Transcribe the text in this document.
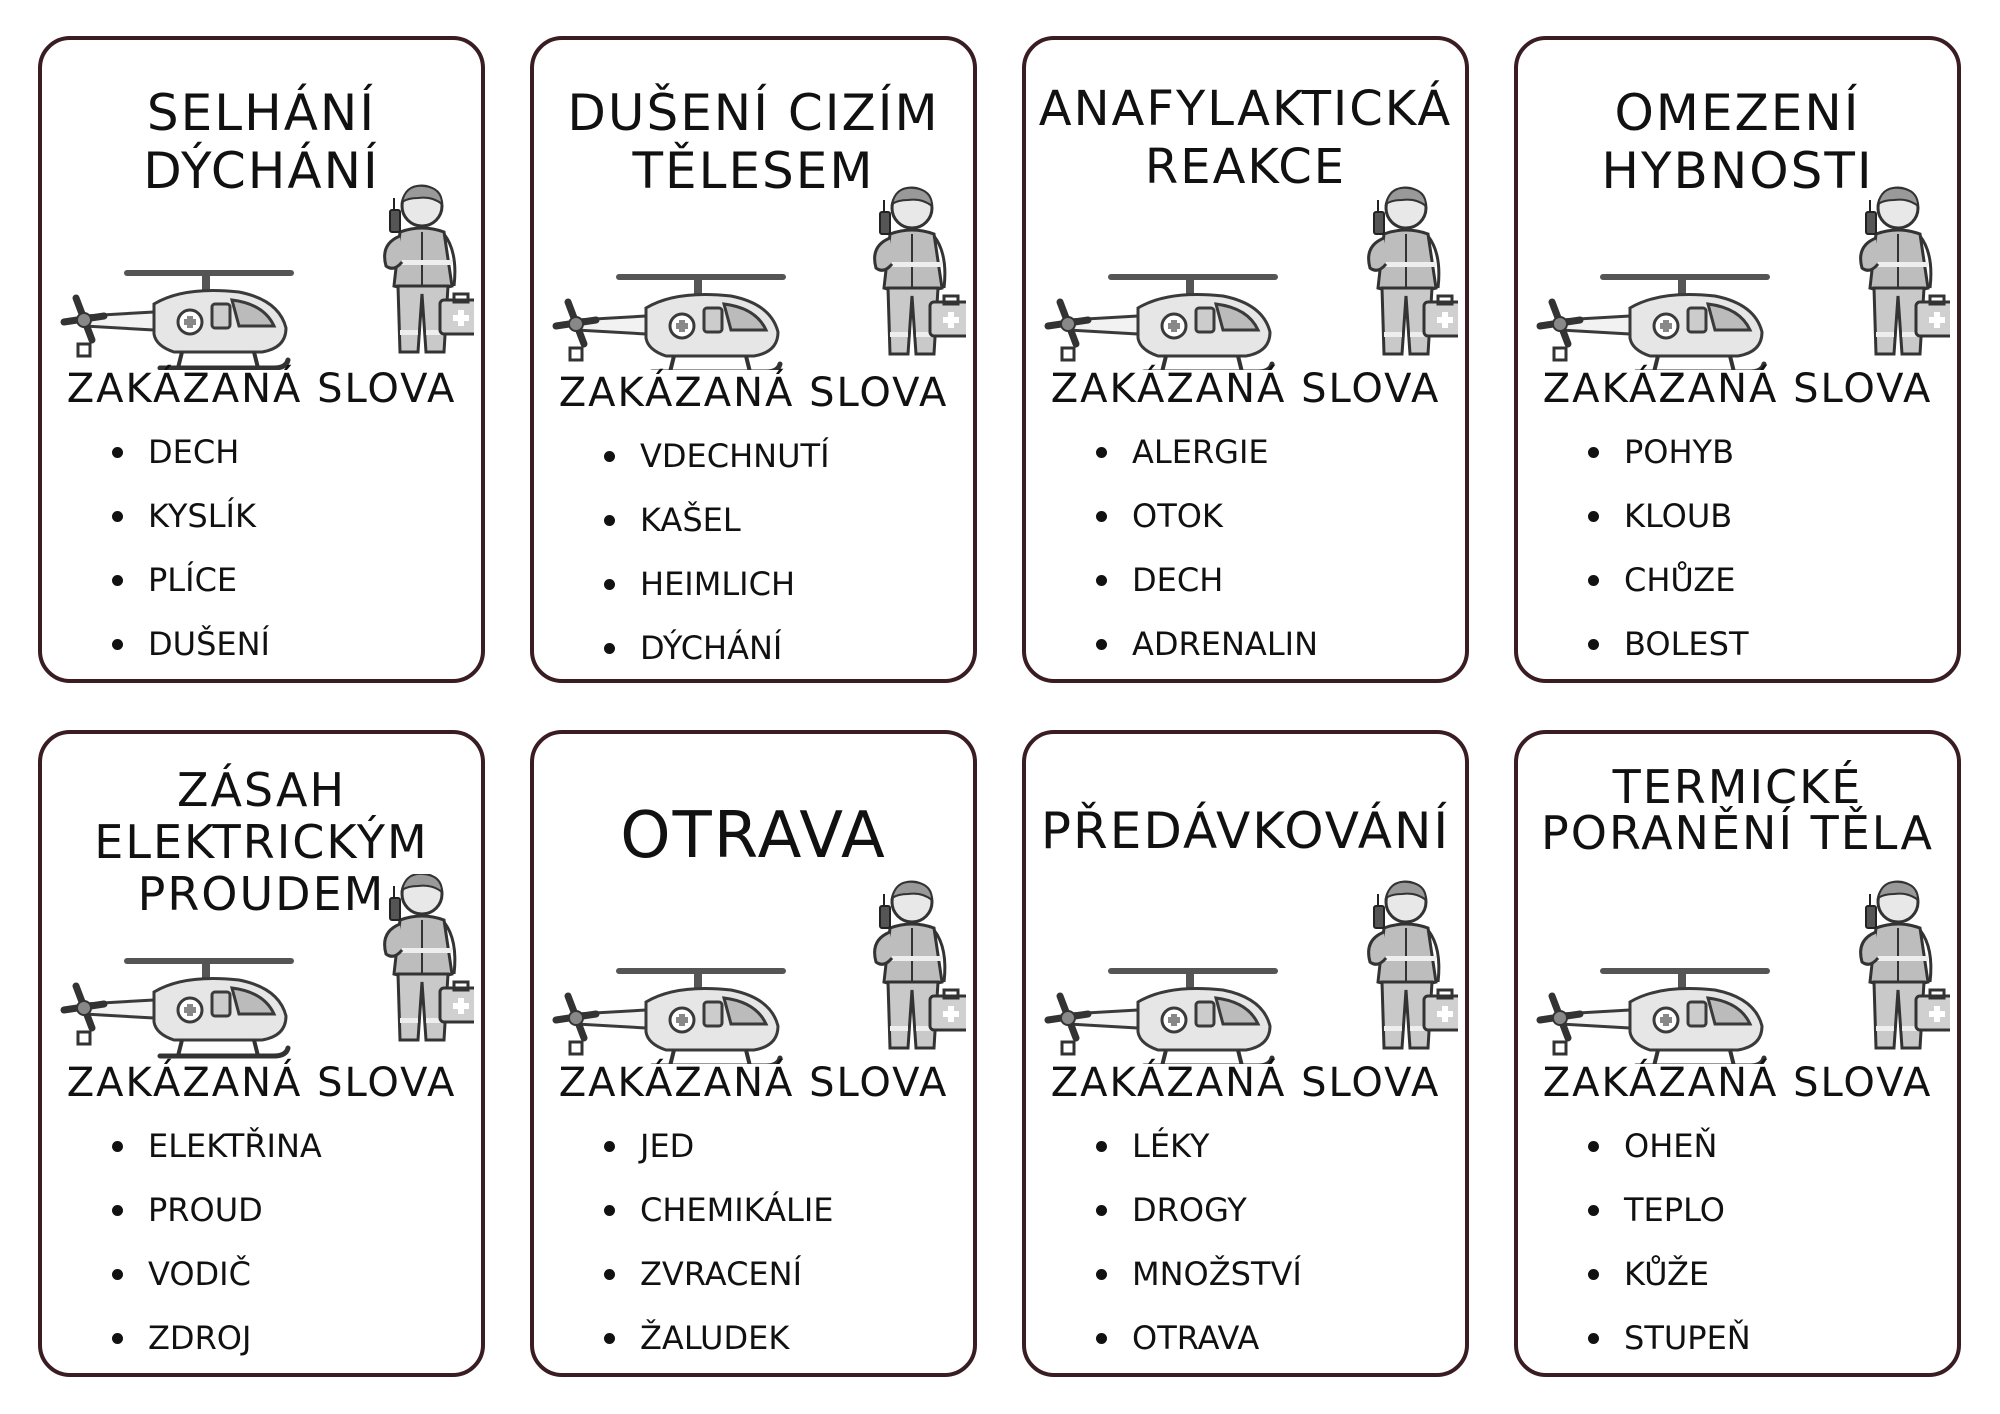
SELHÁNÍ
DÝCHÁNÍ
ZAKÁZANÁ SLOVA
DECH
KYSLÍK
PLÍCE
DUŠENÍ
DUŠENÍ CIZÍM
TĚLESEM
ZAKÁZANÁ SLOVA
VDECHNUTÍ
KAŠEL
HEIMLICH
DÝCHÁNÍ
ANAFYLAKTICKÁ
REAKCE
ZAKÁZANÁ SLOVA
ALERGIE
OTOK
DECH
ADRENALIN
OMEZENÍ
HYBNOSTI
ZAKÁZANÁ SLOVA
POHYB
KLOUB
CHŮZE
BOLEST
ZÁSAH
ELEKTRICKÝM
PROUDEM
ZAKÁZANÁ SLOVA
ELEKTŘINA
PROUD
VODIČ
ZDROJ
OTRAVA
ZAKÁZANÁ SLOVA
JED
CHEMIKÁLIE
ZVRACENÍ
ŽALUDEK
PŘEDÁVKOVÁNÍ
ZAKÁZANÁ SLOVA
LÉKY
DROGY
MNOŽSTVÍ
OTRAVA
TERMICKÉ
PORANĚNÍ TĚLA
ZAKÁZANÁ SLOVA
OHEŇ
TEPLO
KŮŽE
STUPEŇ
